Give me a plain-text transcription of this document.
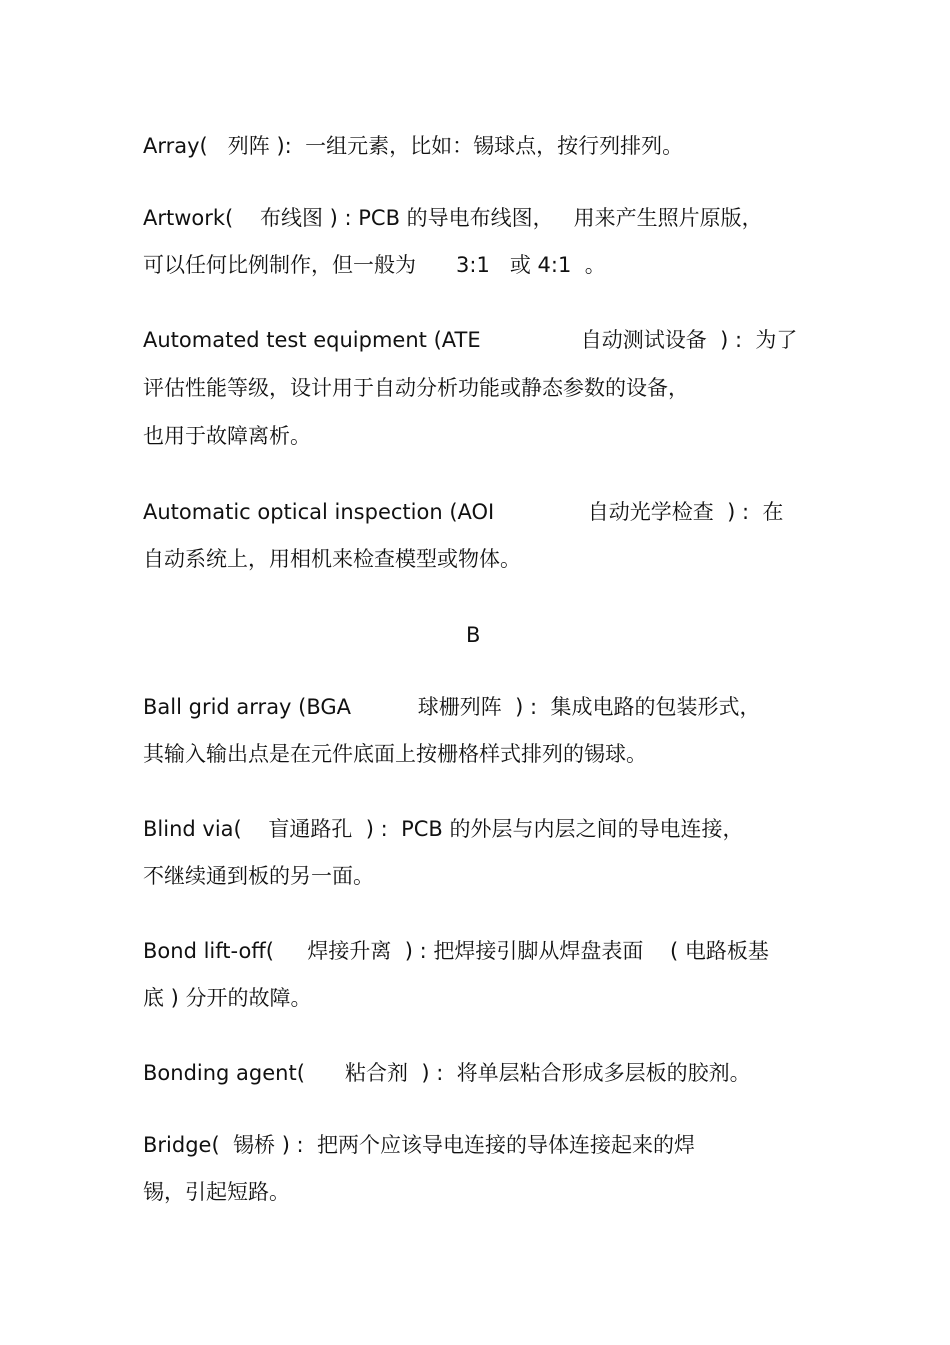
Array(   列阵 ):  一组元素，比如：锡球点，按行列排列。
Artwork(    布线图 ) : PCB 的导电布线图，   用来产生照片原版，
可以任何比例制作，但一般为      3:1   或 4:1  。
Automated test equipment (ATE               自动测试设备  ) :  为了
评估性能等级，设计用于自动分析功能或静态参数的设备，
也用于故障离析。
Automatic optical inspection (AOI              自动光学检查  ) :  在
自动系统上，用相机来检查模型或物体。
B
Ball grid array (BGA          球栅列阵  ) :  集成电路的包装形式，
其输入输出点是在元件底面上按栅格样式排列的锡球。
Blind via(    盲通路孔  ) :  PCB 的外层与内层之间的导电连接，
不继续通到板的另一面。
Bond lift-off(     焊接升离  ) : 把焊接引脚从焊盘表面    ( 电路板基
底 ) 分开的故障。
Bonding agent(      粘合剂  ) :  将单层粘合形成多层板的胶剂。
Bridge(  锡桥 ) :  把两个应该导电连接的导体连接起来的焊
锡，引起短路。
